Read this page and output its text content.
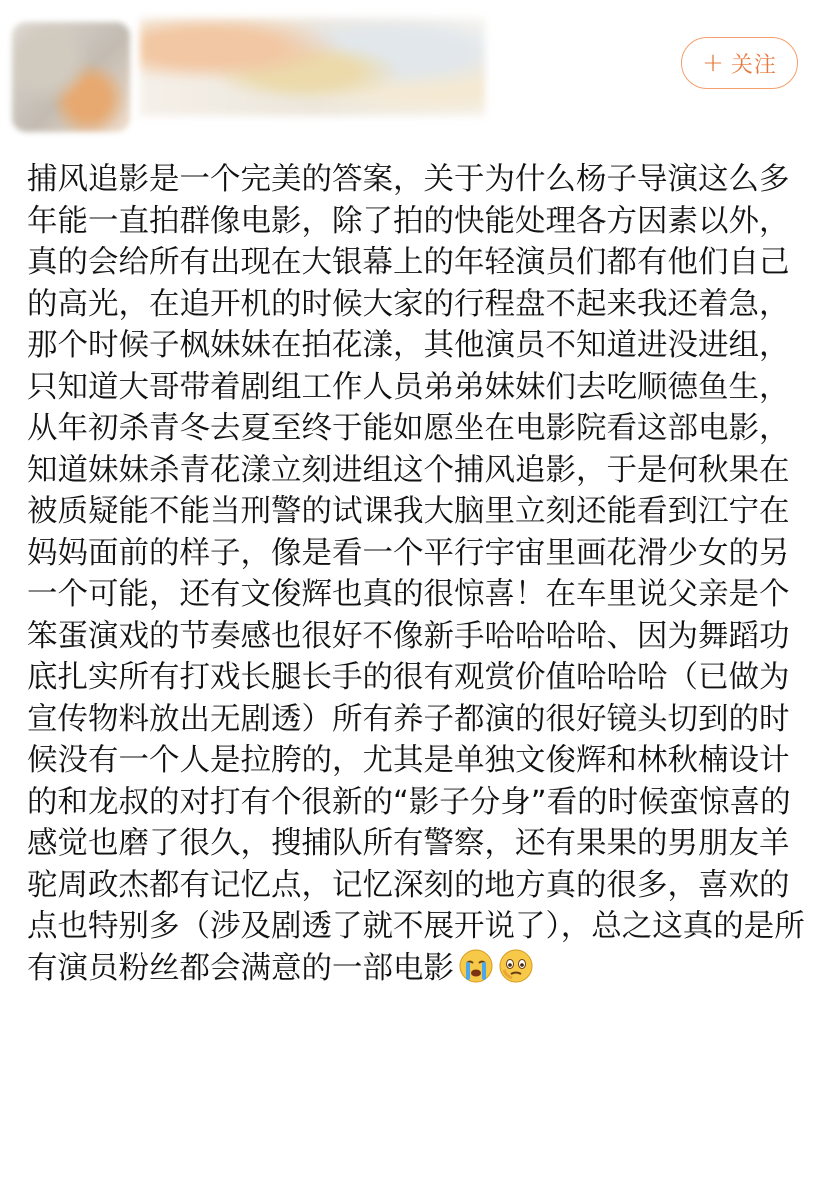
+ 关注
捕风追影是一个完美的答案，关于为什么杨子导演这么多年能一直拍群像电影，除了拍的快能处理各方因素以外，真的会给所有出现在大银幕上的年轻演员们都有他们自己的高光，在追开机的时候大家的行程盘不起来我还着急，那个时候子枫妹妹在拍花漾，其他演员不知道进没进组，只知道大哥带着剧组工作人员弟弟妹妹们去吃顺德鱼生，从年初杀青冬去夏至终于能如愿坐在电影院看这部电影，知道妹妹杀青花漾立刻进组这个捕风追影，于是何秋果在被质疑能不能当刑警的试课我大脑里立刻还能看到江宁在妈妈面前的样子，像是看一个平行宇宙里画花滑少女的另一个可能，还有文俊辉也真的很惊喜！在车里说父亲是个笨蛋演戏的节奏感也很好不像新手哈哈哈哈、因为舞蹈功底扎实所有打戏长腿长手的很有观赏价值哈哈哈（已做为宣传物料放出无剧透）所有养子都演的很好镜头切到的时候没有一个人是拉胯的，尤其是单独文俊辉和林秋楠设计的和龙叔的对打有个很新的“影子分身”看的时候蛮惊喜的感觉也磨了很久，搜捕队所有警察，还有果果的男朋友羊驼周政杰都有记忆点，记忆深刻的地方真的很多，喜欢的点也特别多（涉及剧透了就不展开说了），总之这真的是所有演员粉丝都会满意的一部电影
